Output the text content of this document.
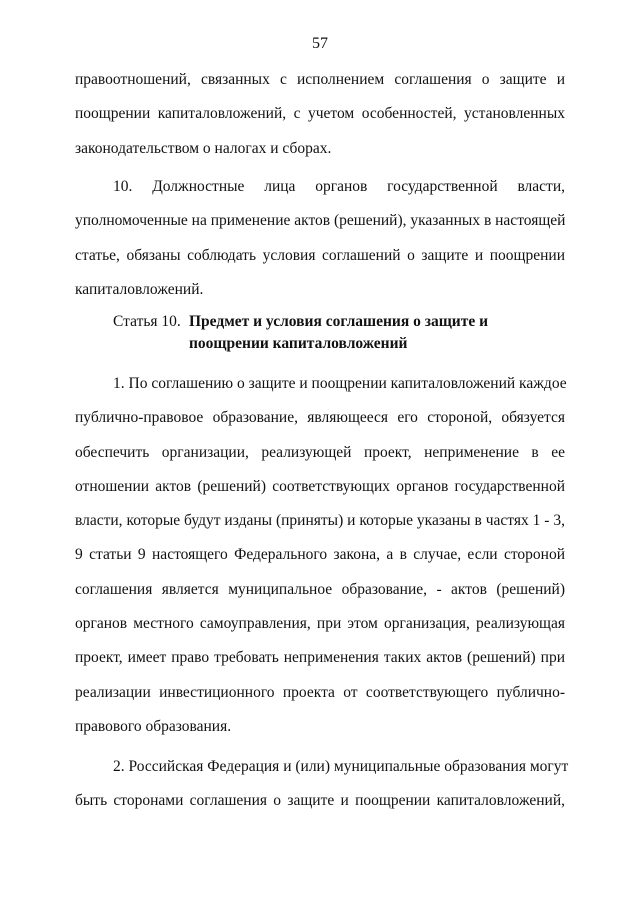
57
правоотношений, связанных с исполнением соглашения о защите и
поощрении капиталовложений, с учетом особенностей, установленных
законодательством о налогах и сборах.
10. Должностные лица органов государственной власти,
уполномоченные на применение актов (решений), указанных в настоящей
статье, обязаны соблюдать условия соглашений о защите и поощрении
капиталовложений.
Статья 10. Предмет и условия соглашения о защите и
поощрении капиталовложений
1. По соглашению о защите и поощрении капиталовложений каждое
публично-правовое образование, являющееся его стороной, обязуется
обеспечить организации, реализующей проект, неприменение в ее
отношении актов (решений) соответствующих органов государственной
власти, которые будут изданы (приняты) и которые указаны в частях 1 - 3,
9 статьи 9 настоящего Федерального закона, а в случае, если стороной
соглашения является муниципальное образование, - актов (решений)
органов местного самоуправления, при этом организация, реализующая
проект, имеет право требовать неприменения таких актов (решений) при
реализации инвестиционного проекта от соответствующего публично-
правового образования.
2. Российская Федерация и (или) муниципальные образования могут
быть сторонами соглашения о защите и поощрении капиталовложений,
